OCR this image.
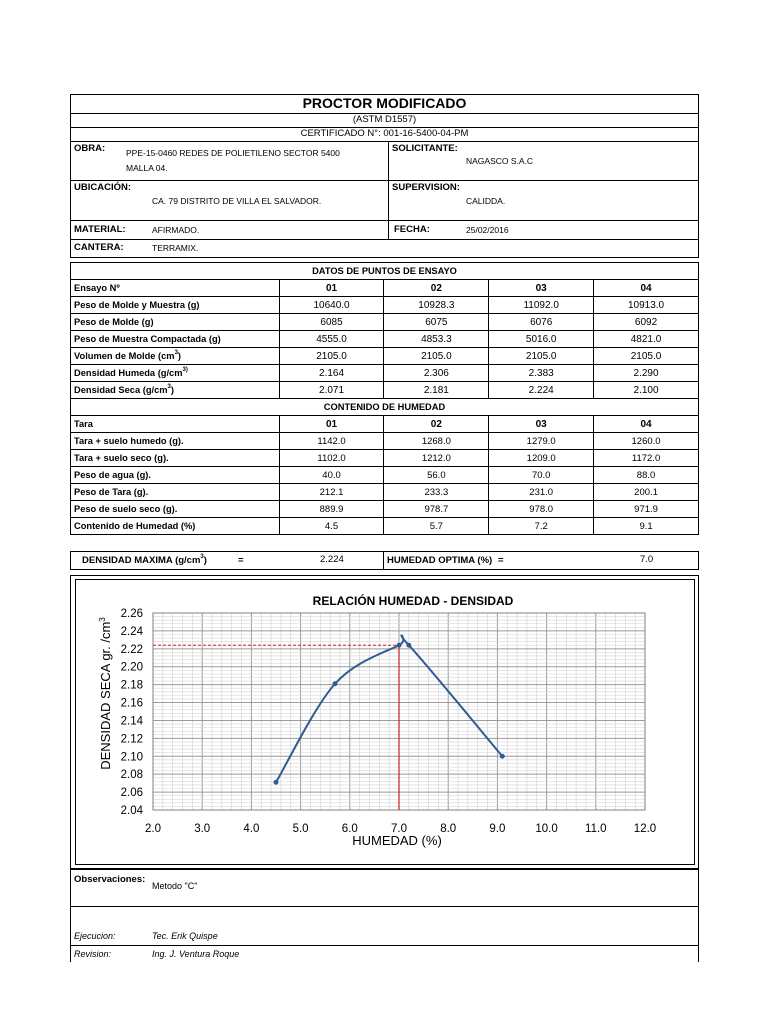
PROCTOR MODIFICADO
(ASTM D1557)
CERTIFICADO N°: 001-16-5400-04-PM
OBRA: PPE-15-0460 REDES DE POLIETILENO SECTOR 5400
MALLA 04.
SOLICITANTE:
NAGASCO S.A.C
UBICACIÓN:
CA. 79 DISTRITO DE VILLA EL SALVADOR.
SUPERVISION:
CALIDDA.
MATERIAL:	AFIRMADO.	FECHA:	25/02/2016
CANTERA:	TERRAMIX.
DATOS DE PUNTOS DE ENSAYO				
Ensayo Nº	01	02	03	04
Peso de Molde y Muestra (g)	10640.0	10928.3	11092.0	10913.0
Peso de Molde (g)	6085	6075	6076	6092
Peso de Muestra Compactada (g)	4555.0	4853.3	5016.0	4821.0
Volumen de Molde $(cm^3)$	2105.0	2105.0	2105.0	2105.0
Densidad Humeda ($g/cm^{3)}$	2.164	2.306	2.383	2.290
Densidad Seca $(g/cm^3)$	2.071	2.181	2.224	2.100
CONTENIDO DE HUMEDAD				
Tara	01	02	03	04
Tara + suelo humedo (g).	1142.0	1268.0	1279.0	1260.0
Tara + suelo seco (g).	1102.0	1212.0	1209.0	1172.0
Peso de agua (g).	40.0	56.0	70.0	88.0
Peso de Tara (g).	212.1	233.3	231.0	200.1
Peso de suelo seco (g).	889.9	978.7	978.0	971.9
Contenido de Humedad (%)	4.5	5.7	7.2	9.1
DENSIDAD MAXIMA $(g/cm^3)$	=	2.224	HUMEDAD OPTIMA (%) =	7.0
2.0	3.0	4.0	5.0	6.0	7.0	8.0	9.0	10.0 11.0 12.0
2.04
2.06
2.08
2.10
2.12
2.14
2.16
2.18
2.20
2.22
2.24
2.26
RELACIÓN HUMEDAD - DENSIDAD
HUMEDAD (%)
DENSIDAD SECA gr. $/cm^3$
Observaciones:
Metodo "C"
Ejecucion:	Tec. Erik Quispe
Revision:	Ing. J. Ventura Roque
